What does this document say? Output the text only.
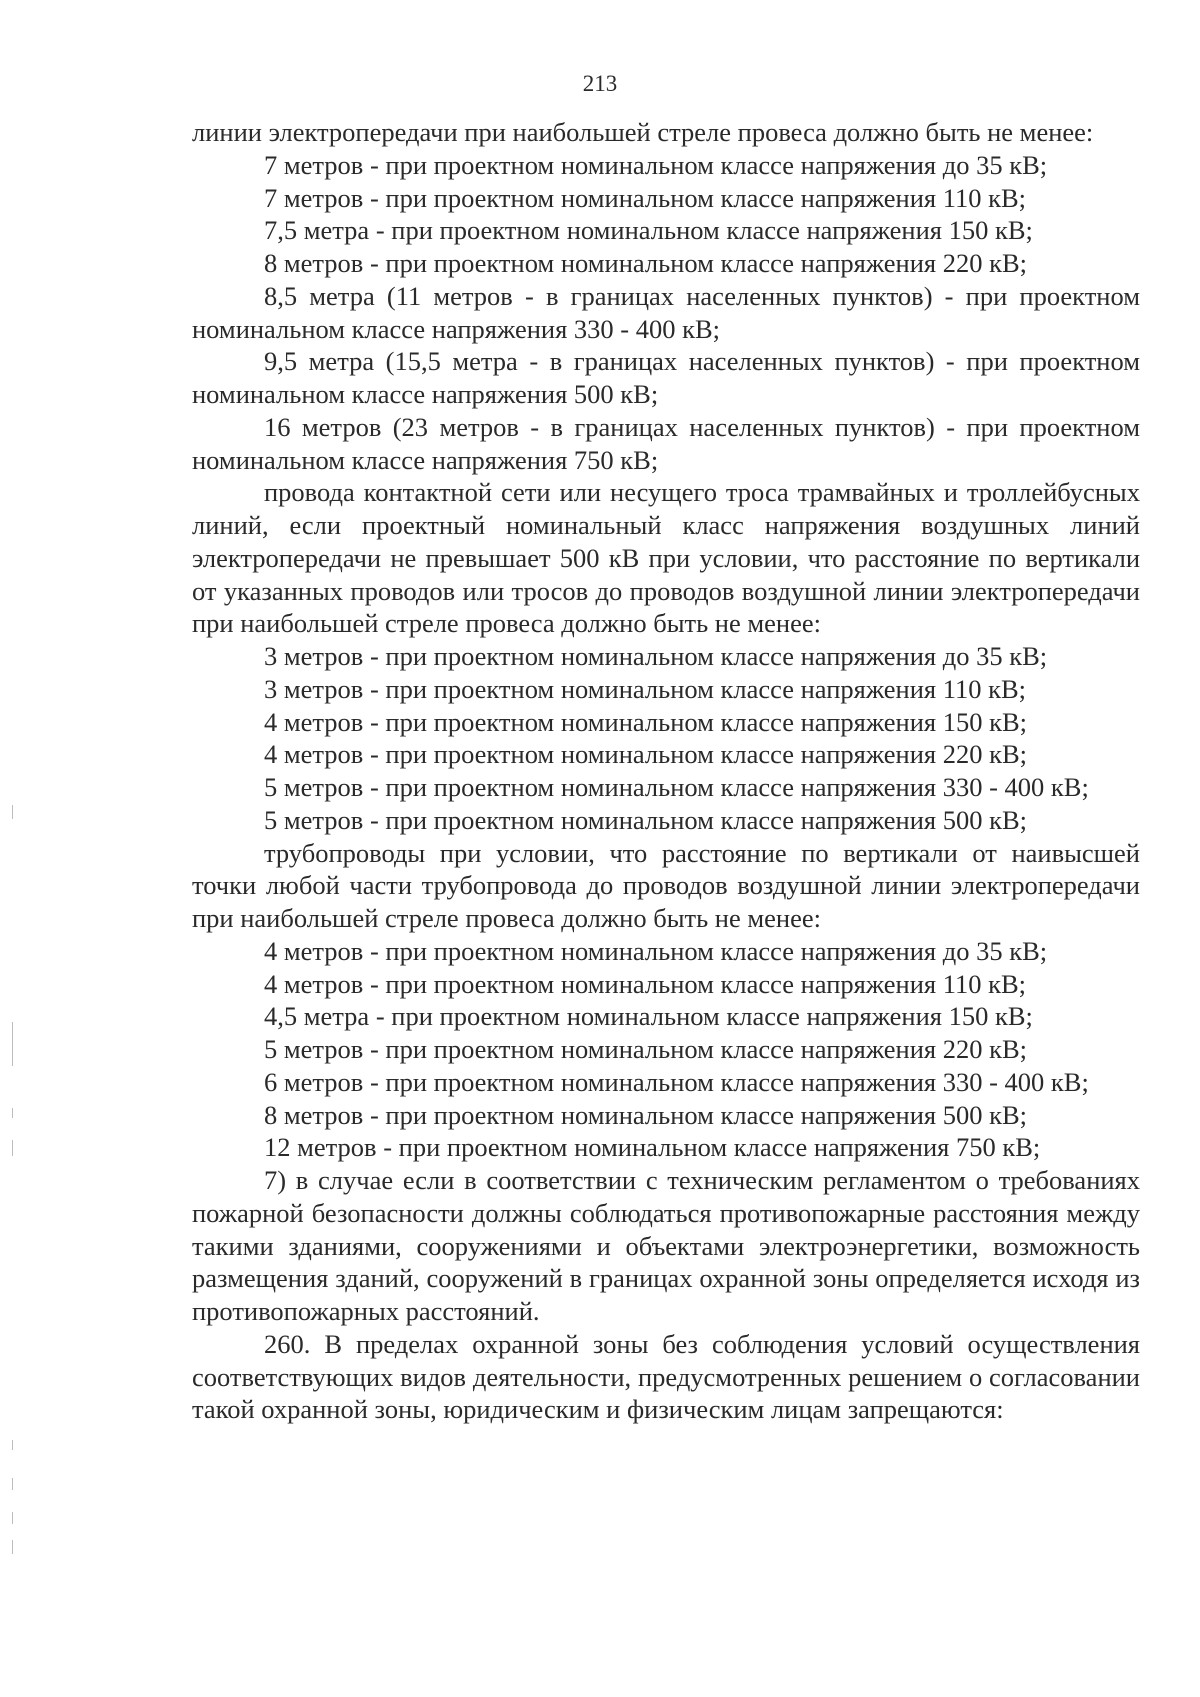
213

линии электропередачи при наибольшей стреле провеса должно быть не менее:

7 метров - при проектном номинальном классе напряжения до 35 кВ;

7 метров - при проектном номинальном классе напряжения 110 кВ;

7,5 метра - при проектном номинальном классе напряжения 150 кВ;

8 метров - при проектном номинальном классе напряжения 220 кВ;

8,5 метра (11 метров - в границах населенных пунктов) - при проектном номинальном классе напряжения 330 - 400 кВ;

9,5 метра (15,5 метра - в границах населенных пунктов) - при проектном номинальном классе напряжения 500 кВ;

16 метров (23 метров - в границах населенных пунктов) - при проектном номинальном классе напряжения 750 кВ;

провода контактной сети или несущего троса трамвайных и троллейбусных линий, если проектный номинальный класс напряжения воздушных линий электропередачи не превышает 500 кВ при условии, что расстояние по вертикали от указанных проводов или тросов до проводов воздушной линии электропередачи при наибольшей стреле провеса должно быть не менее:

3 метров - при проектном номинальном классе напряжения до 35 кВ;

3 метров - при проектном номинальном классе напряжения 110 кВ;

4 метров - при проектном номинальном классе напряжения 150 кВ;

4 метров - при проектном номинальном классе напряжения 220 кВ;

5 метров - при проектном номинальном классе напряжения 330 - 400 кВ;

5 метров - при проектном номинальном классе напряжения 500 кВ;

трубопроводы при условии, что расстояние по вертикали от наивысшей точки любой части трубопровода до проводов воздушной линии электропередачи при наибольшей стреле провеса должно быть не менее:

4 метров - при проектном номинальном классе напряжения до 35 кВ;

4 метров - при проектном номинальном классе напряжения 110 кВ;

4,5 метра - при проектном номинальном классе напряжения 150 кВ;

5 метров - при проектном номинальном классе напряжения 220 кВ;

6 метров - при проектном номинальном классе напряжения 330 - 400 кВ;

8 метров - при проектном номинальном классе напряжения 500 кВ;

12 метров - при проектном номинальном классе напряжения 750 кВ;

7) в случае если в соответствии с техническим регламентом о требованиях пожарной безопасности должны соблюдаться противопожарные расстояния между такими зданиями, сооружениями и объектами электроэнергетики, возможность размещения зданий, сооружений в границах охранной зоны определяется исходя из противопожарных расстояний.

260. В пределах охранной зоны без соблюдения условий осуществления соответствующих видов деятельности, предусмотренных решением о согласовании такой охранной зоны, юридическим и физическим лицам запрещаются:
